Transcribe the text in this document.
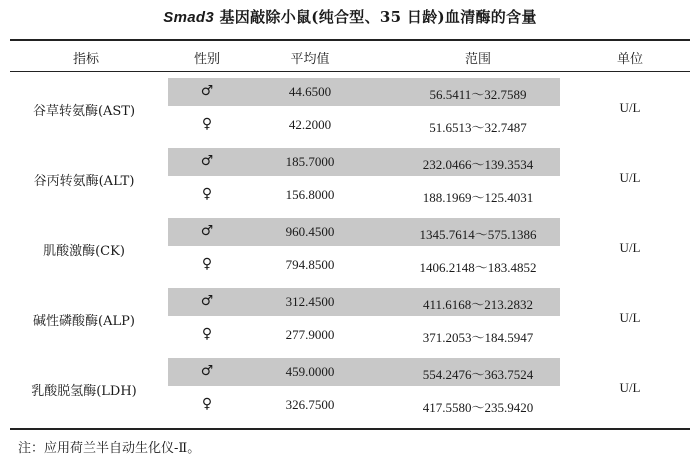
Smad3 基因敲除小鼠(纯合型、35 日龄)血清酶的含量
指标	性别	平均值	范围	单位
谷草转氨酶(AST)	U/L
♂	44.6500	56.5411～32.7589
♀	42.2000	51.6513～32.7487
谷丙转氨酶(ALT)	U/L
♂	185.7000	232.0466～139.3534
♀	156.8000	188.1969～125.4031
肌酸激酶(CK)	U/L
♂	960.4500	1345.7614～575.1386
♀	794.8500	1406.2148～183.4852
碱性磷酸酶(ALP)	U/L
♂	312.4500	411.6168～213.2832
♀	277.9000	371.2053～184.5947
乳酸脱氢酶(LDH)	U/L
♂	459.0000	554.2476～363.7524
♀	326.7500	417.5580～235.9420
注：应用荷兰半自动生化仪-Ⅱ。
